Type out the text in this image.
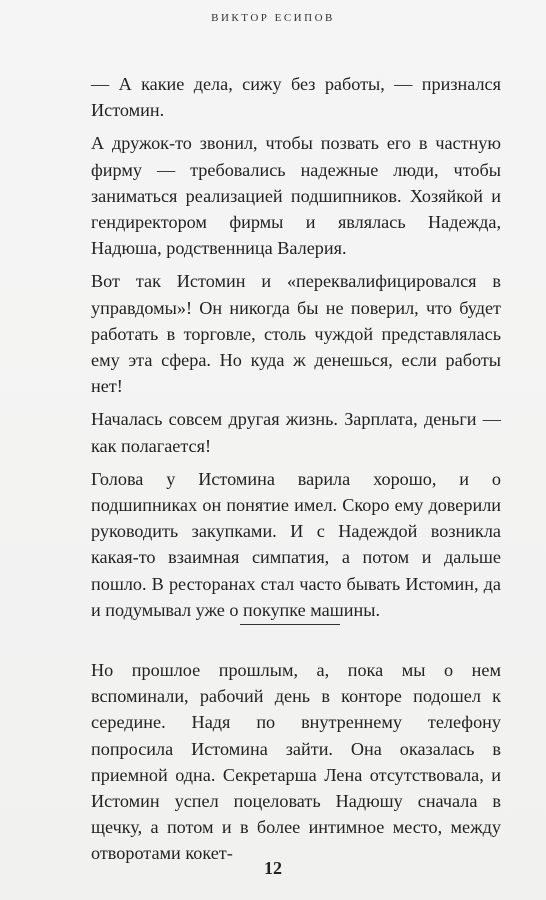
ВИКТОР ЕСИПОВ

— А какие дела, сижу без работы, — признался Истомин.

А дружок-то звонил, чтобы позвать его в частную фирму — требовались надежные люди, чтобы заниматься реализацией подшипников. Хозяйкой и гендиректором фирмы и являлась Надежда, Надюша, родственница Валерия.

Вот так Истомин и «переквалифицировался в управдомы»! Он никогда бы не поверил, что будет работать в торговле, столь чуждой представлялась ему эта сфера. Но куда ж денешься, если работы нет!

Началась совсем другая жизнь. Зарплата, деньги — как полагается!

Голова у Истомина варила хорошо, и о подшипниках он понятие имел. Скоро ему доверили руководить закупками. И с Надеждой возникла какая-то взаимная симпатия, а потом и дальше пошло. В ресторанах стал часто бывать Истомин, да и подумывал уже о покупке машины.

Но прошлое прошлым, а, пока мы о нем вспоминали, рабочий день в конторе подошел к середине. Надя по внутреннему телефону попросила Истомина зайти. Она оказалась в приемной одна. Секретарша Лена отсутствовала, и Истомин успел поцеловать Надюшу сначала в щечку, а потом и в более интимное место, между отворотами кокет-

12
